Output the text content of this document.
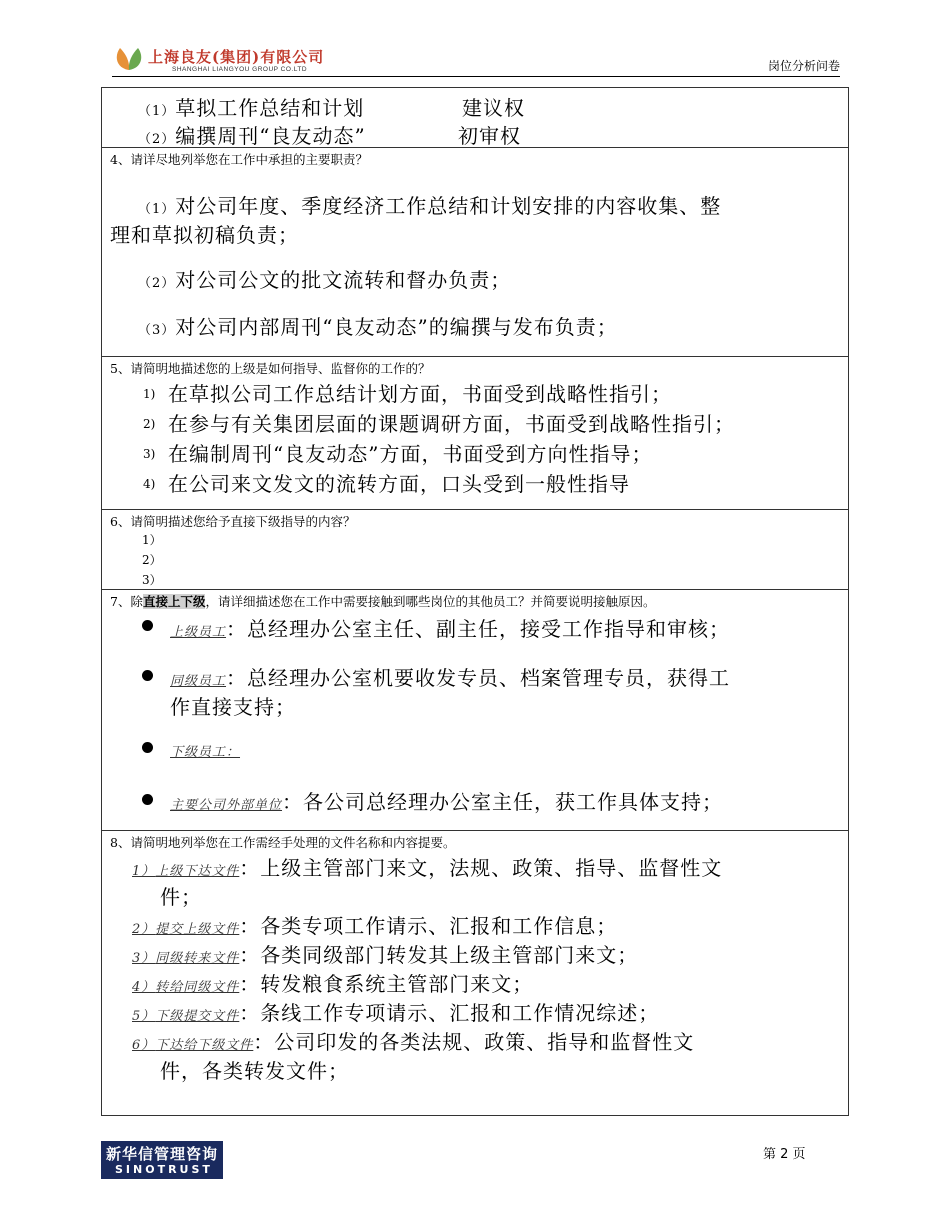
上海良友(集团)有限公司
SHANGHAI LIANGYOU GROUP CO.LTD	岗位分析问卷
（1）草拟工作总结和计划	建议权
（2）编撰周刊“良友动态”	初审权
4、请详尽地列举您在工作中承担的主要职责？
（1）对公司年度、季度经济工作总结和计划安排的内容收集、整
理和草拟初稿负责；
（2）对公司公文的批文流转和督办负责；
（3）对公司内部周刊“良友动态”的编撰与发布负责；
5、请简明地描述您的上级是如何指导、监督你的工作的？
1) 在草拟公司工作总结计划方面，书面受到战略性指引；
2) 在参与有关集团层面的课题调研方面，书面受到战略性指引；
3) 在编制周刊“良友动态”方面，书面受到方向性指导；
4) 在公司来文发文的流转方面，口头受到一般性指导
6、请简明描述您给予直接下级指导的内容？
1）
2）
3）
7、除直接上下级，请详细描述您在工作中需要接触到哪些岗位的其他员工？并简要说明接触原因。
上级员工：总经理办公室主任、副主任，接受工作指导和审核；
同级员工：总经理办公室机要收发专员、档案管理专员，获得工
作直接支持；
下级员工：
主要公司外部单位：各公司总经理办公室主任，获工作具体支持；
8、请简明地列举您在工作需经手处理的文件名称和内容提要。
1）上级下达文件：上级主管部门来文，法规、政策、指导、监督性文
件；
2）提交上级文件：各类专项工作请示、汇报和工作信息；
3）同级转来文件：各类同级部门转发其上级主管部门来文；
4）转给同级文件：转发粮食系统主管部门来文；
5）下级提交文件：条线工作专项请示、汇报和工作情况综述；
6）下达给下级文件：公司印发的各类法规、政策、指导和监督性文
件，各类转发文件；
新华信管理咨询
SINOTRUST
第 2 页
